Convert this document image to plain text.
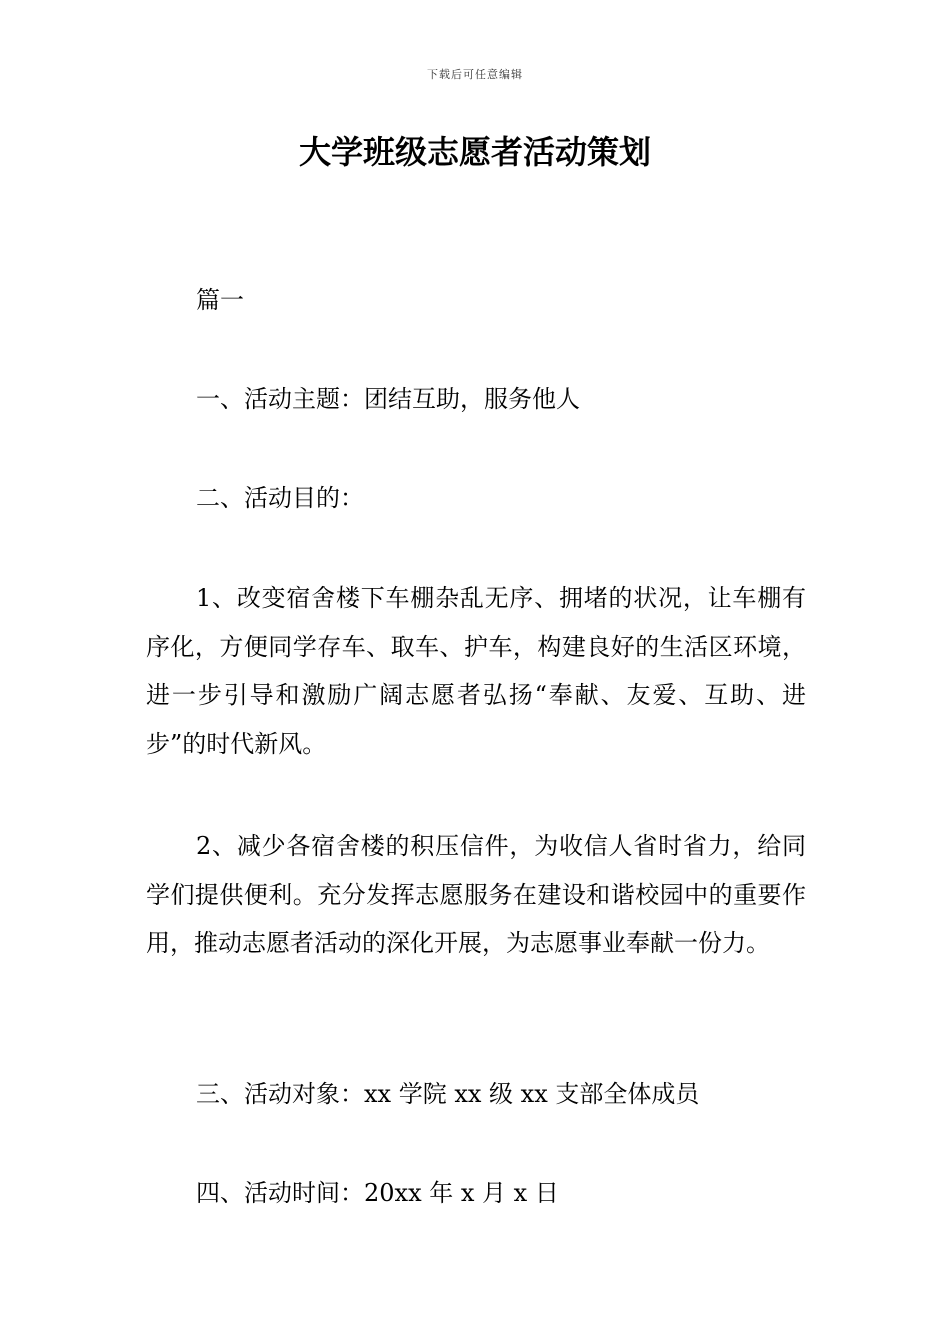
下载后可任意编辑
大学班级志愿者活动策划

篇一

一、活动主题：团结互助，服务他人

二、活动目的：

1、改变宿舍楼下车棚杂乱无序、拥堵的状况，让车棚有序化，方便同学存车、取车、护车，构建良好的生活区环境，进一步引导和激励广阔志愿者弘扬“奉献、友爱、互助、进步”的时代新风。

2、减少各宿舍楼的积压信件，为收信人省时省力，给同学们提供便利。充分发挥志愿服务在建设和谐校园中的重要作用，推动志愿者活动的深化开展，为志愿事业奉献一份力。

三、活动对象：xx 学院 xx 级 xx 支部全体成员

四、活动时间：20xx 年 x 月 x 日
